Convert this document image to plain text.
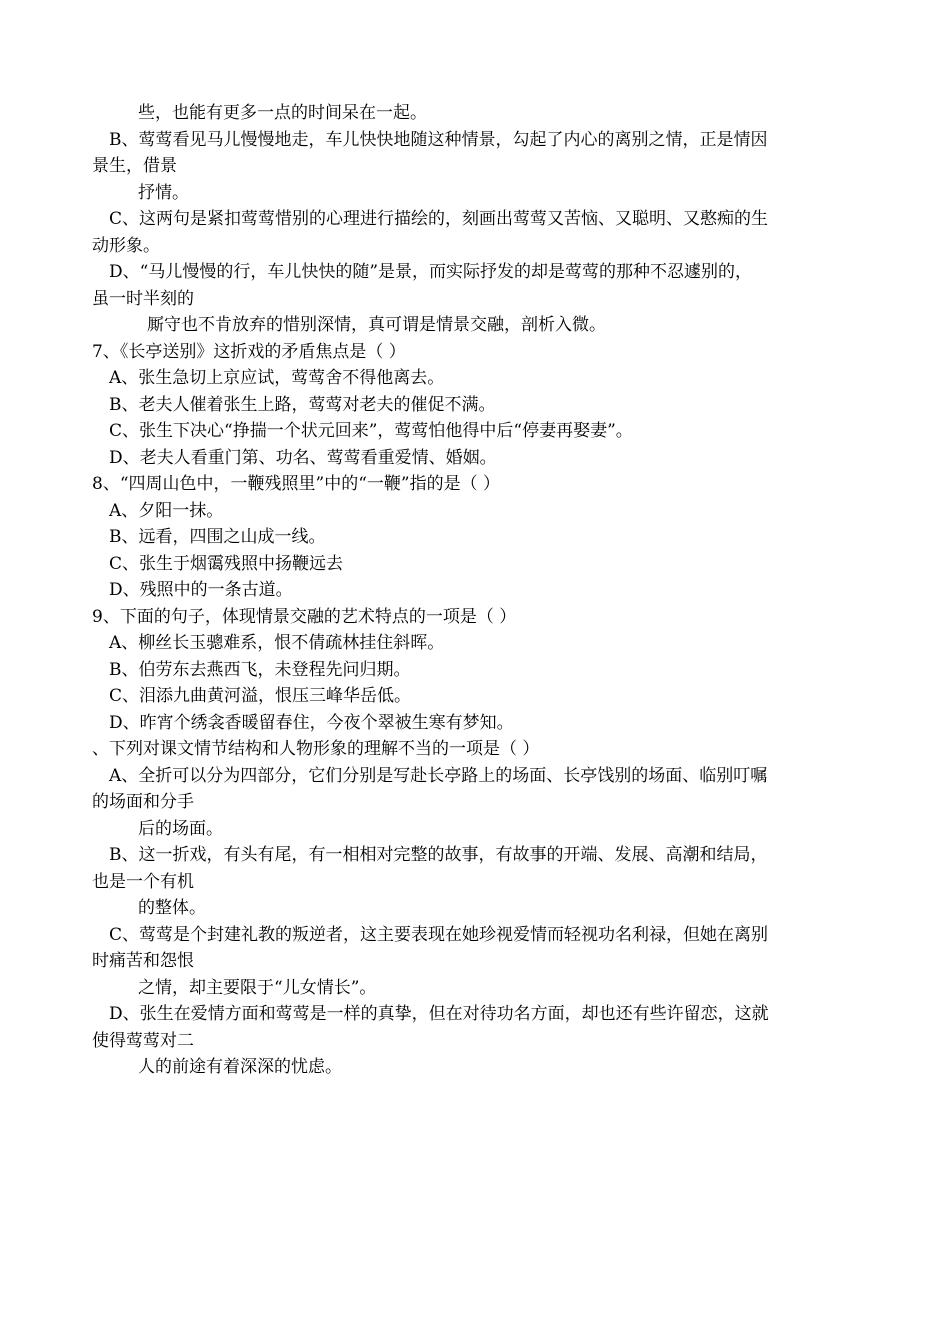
些，也能有更多一点的时间呆在一起。
B、莺莺看见马儿慢慢地走，车儿快快地随这种情景，勾起了内心的离别之情，正是情因
景生，借景
抒情。
C、这两句是紧扣莺莺惜别的心理进行描绘的，刻画出莺莺又苦恼、又聪明、又憨痴的生
动形象。
D、“马儿慢慢的行，车儿快快的随”是景，而实际抒发的却是莺莺的那种不忍遽别的，
虽一时半刻的
厮守也不肯放弃的惜别深情，真可谓是情景交融，剖析入微。
7、《长亭送别》这折戏的矛盾焦点是（ ）
A、张生急切上京应试，莺莺舍不得他离去。
B、老夫人催着张生上路，莺莺对老夫的催促不满。
C、张生下决心“挣揣一个状元回来”，莺莺怕他得中后“停妻再娶妻”。
D、老夫人看重门第、功名、莺莺看重爱情、婚姻。
8、“四周山色中，一鞭残照里”中的“一鞭”指的是（ ）
A、夕阳一抹。
B、远看，四围之山成一线。
C、张生于烟霭残照中扬鞭远去
D、残照中的一条古道。
9、下面的句子，体现情景交融的艺术特点的一项是（ ）
A、柳丝长玉骢难系，恨不倩疏林挂住斜晖。
B、伯劳东去燕西飞，未登程先问归期。
C、泪添九曲黄河溢，恨压三峰华岳低。
D、昨宵个绣衾香暖留春住，今夜个翠被生寒有梦知。
、下列对课文情节结构和人物形象的理解不当的一项是（ ）
A、全折可以分为四部分，它们分别是写赴长亭路上的场面、长亭饯别的场面、临别叮嘱
的场面和分手
后的场面。
B、这一折戏，有头有尾，有一相相对完整的故事，有故事的开端、发展、高潮和结局，
也是一个有机
的整体。
C、莺莺是个封建礼教的叛逆者，这主要表现在她珍视爱情而轻视功名利禄，但她在离别
时痛苦和怨恨
之情，却主要限于“儿女情长”。
D、张生在爱情方面和莺莺是一样的真挚，但在对待功名方面，却也还有些许留恋，这就
使得莺莺对二
人的前途有着深深的忧虑。
